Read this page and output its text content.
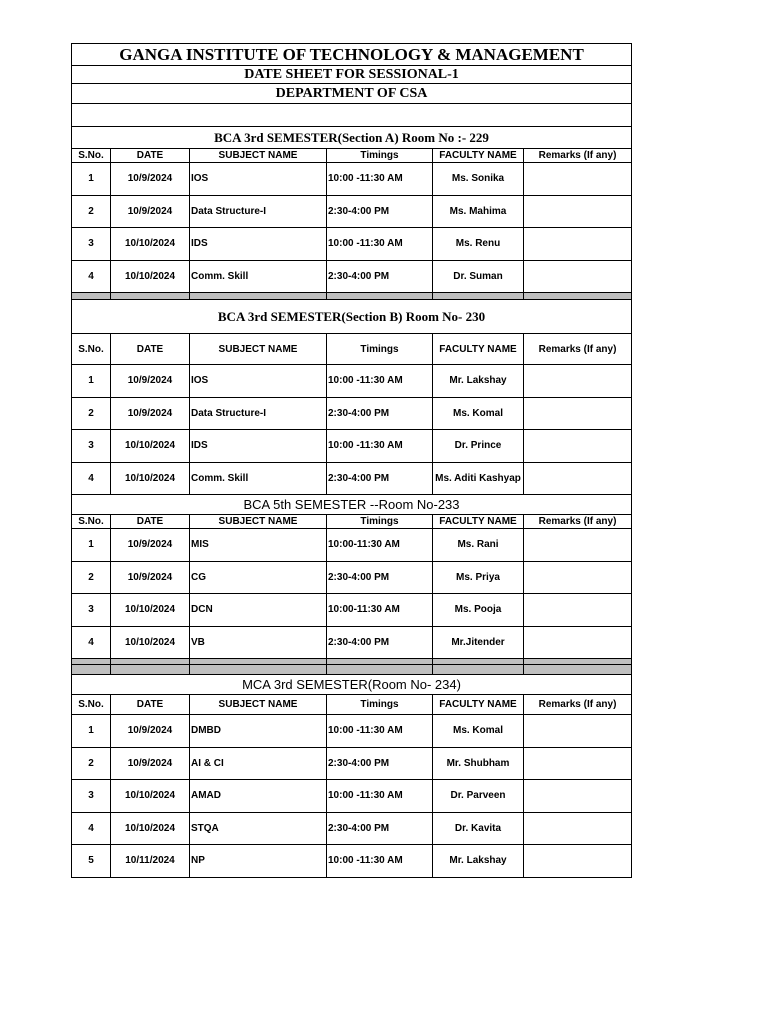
GANGA INSTITUTE OF TECHNOLOGY & MANAGEMENT					
DATE SHEET FOR SESSIONAL-1					
DEPARTMENT OF CSA					

BCA 3rd SEMESTER(Section A) Room No :- 229					
S.No.	DATE	SUBJECT NAME	Timings	FACULTY NAME	Remarks (If any)
1	10/9/2024	IOS	10:00 -11:30 AM	Ms. Sonika	
2	10/9/2024	Data Structure-I	2:30-4:00 PM	Ms. Mahima	
3	10/10/2024	IDS	10:00 -11:30 AM	Ms. Renu	
4	10/10/2024	Comm. Skill	2:30-4:00 PM	Dr. Suman	

BCA 3rd SEMESTER(Section B) Room No- 230					
S.No.	DATE	SUBJECT NAME	Timings	FACULTY NAME	Remarks (If any)
1	10/9/2024	IOS	10:00 -11:30 AM	Mr. Lakshay	
2	10/9/2024	Data Structure-I	2:30-4:00 PM	Ms. Komal	
3	10/10/2024	IDS	10:00 -11:30 AM	Dr. Prince	
4	10/10/2024	Comm. Skill	2:30-4:00 PM	Ms. Aditi Kashyap	
BCA 5th SEMESTER --Room No-233					
S.No.	DATE	SUBJECT NAME	Timings	FACULTY NAME	Remarks (If any)
1	10/9/2024	MIS	10:00-11:30 AM	Ms. Rani	
2	10/9/2024	CG	2:30-4:00 PM	Ms. Priya	
3	10/10/2024	DCN	10:00-11:30 AM	Ms. Pooja	
4	10/10/2024	VB	2:30-4:00 PM	Mr.Jitender	

MCA 3rd SEMESTER(Room No- 234)					
S.No.	DATE	SUBJECT NAME	Timings	FACULTY NAME	Remarks (If any)
1	10/9/2024	DMBD	10:00 -11:30 AM	Ms. Komal	
2	10/9/2024	AI & CI	2:30-4:00 PM	Mr. Shubham	
3	10/10/2024	AMAD	10:00 -11:30 AM	Dr. Parveen	
4	10/10/2024	STQA	2:30-4:00 PM	Dr. Kavita	
5	10/11/2024	NP	10:00 -11:30 AM	Mr. Lakshay	
